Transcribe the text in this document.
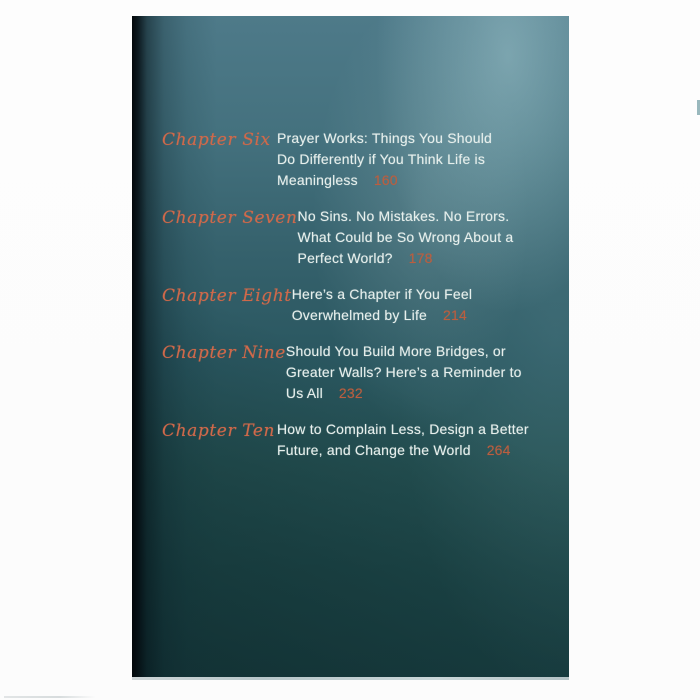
Chapter Six Prayer Works: Things You Should
Do Differently if You Think Life is
Meaningless 160
Chapter Seven No Sins. No Mistakes. No Errors.
What Could be So Wrong About a
Perfect World? 178
Chapter Eight Here’s a Chapter if You Feel
Overwhelmed by Life 214
Chapter Nine Should You Build More Bridges, or
Greater Walls? Here’s a Reminder to
Us All 232
Chapter Ten How to Complain Less, Design a Better
Future, and Change the World 264
